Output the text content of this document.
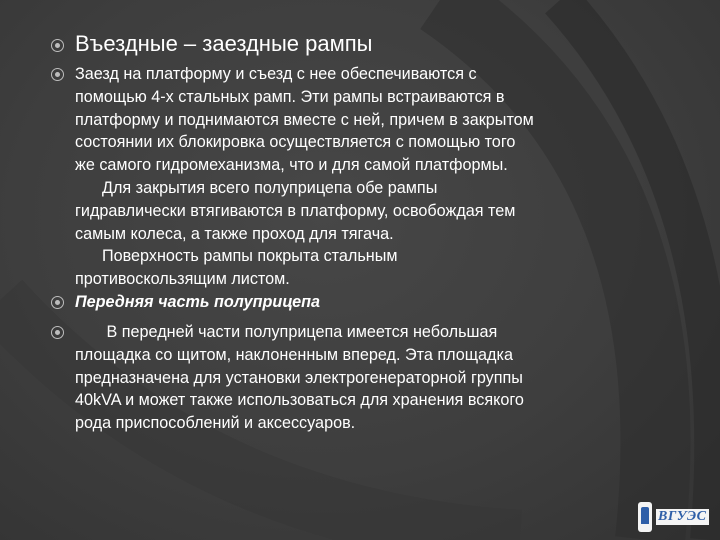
Въездные – заездные рампы
Заезд на платформу и съезд с нее обеспечиваются с
помощью 4-х стальных рамп. Эти рампы встраиваются в
платформу и поднимаются вместе с ней, причем в закрытом
состоянии их блокировка осуществляется с помощью того
же самого гидромеханизма, что и для самой платформы.
Для закрытия всего полуприцепа обе рампы
гидравлически втягиваются в платформу, освобождая тем
самым колеса, а также проход для тягача.
Поверхность рампы покрыта стальным
противоскользящим листом.
Передняя часть полуприцепа
В передней части полуприцепа имеется небольшая
площадка со щитом, наклоненным вперед. Эта площадка
предназначена для установки электрогенераторной группы
40kVA и может также использоваться для хранения всякого
рода приспособлений и аксессуаров.
ВГУЭС
